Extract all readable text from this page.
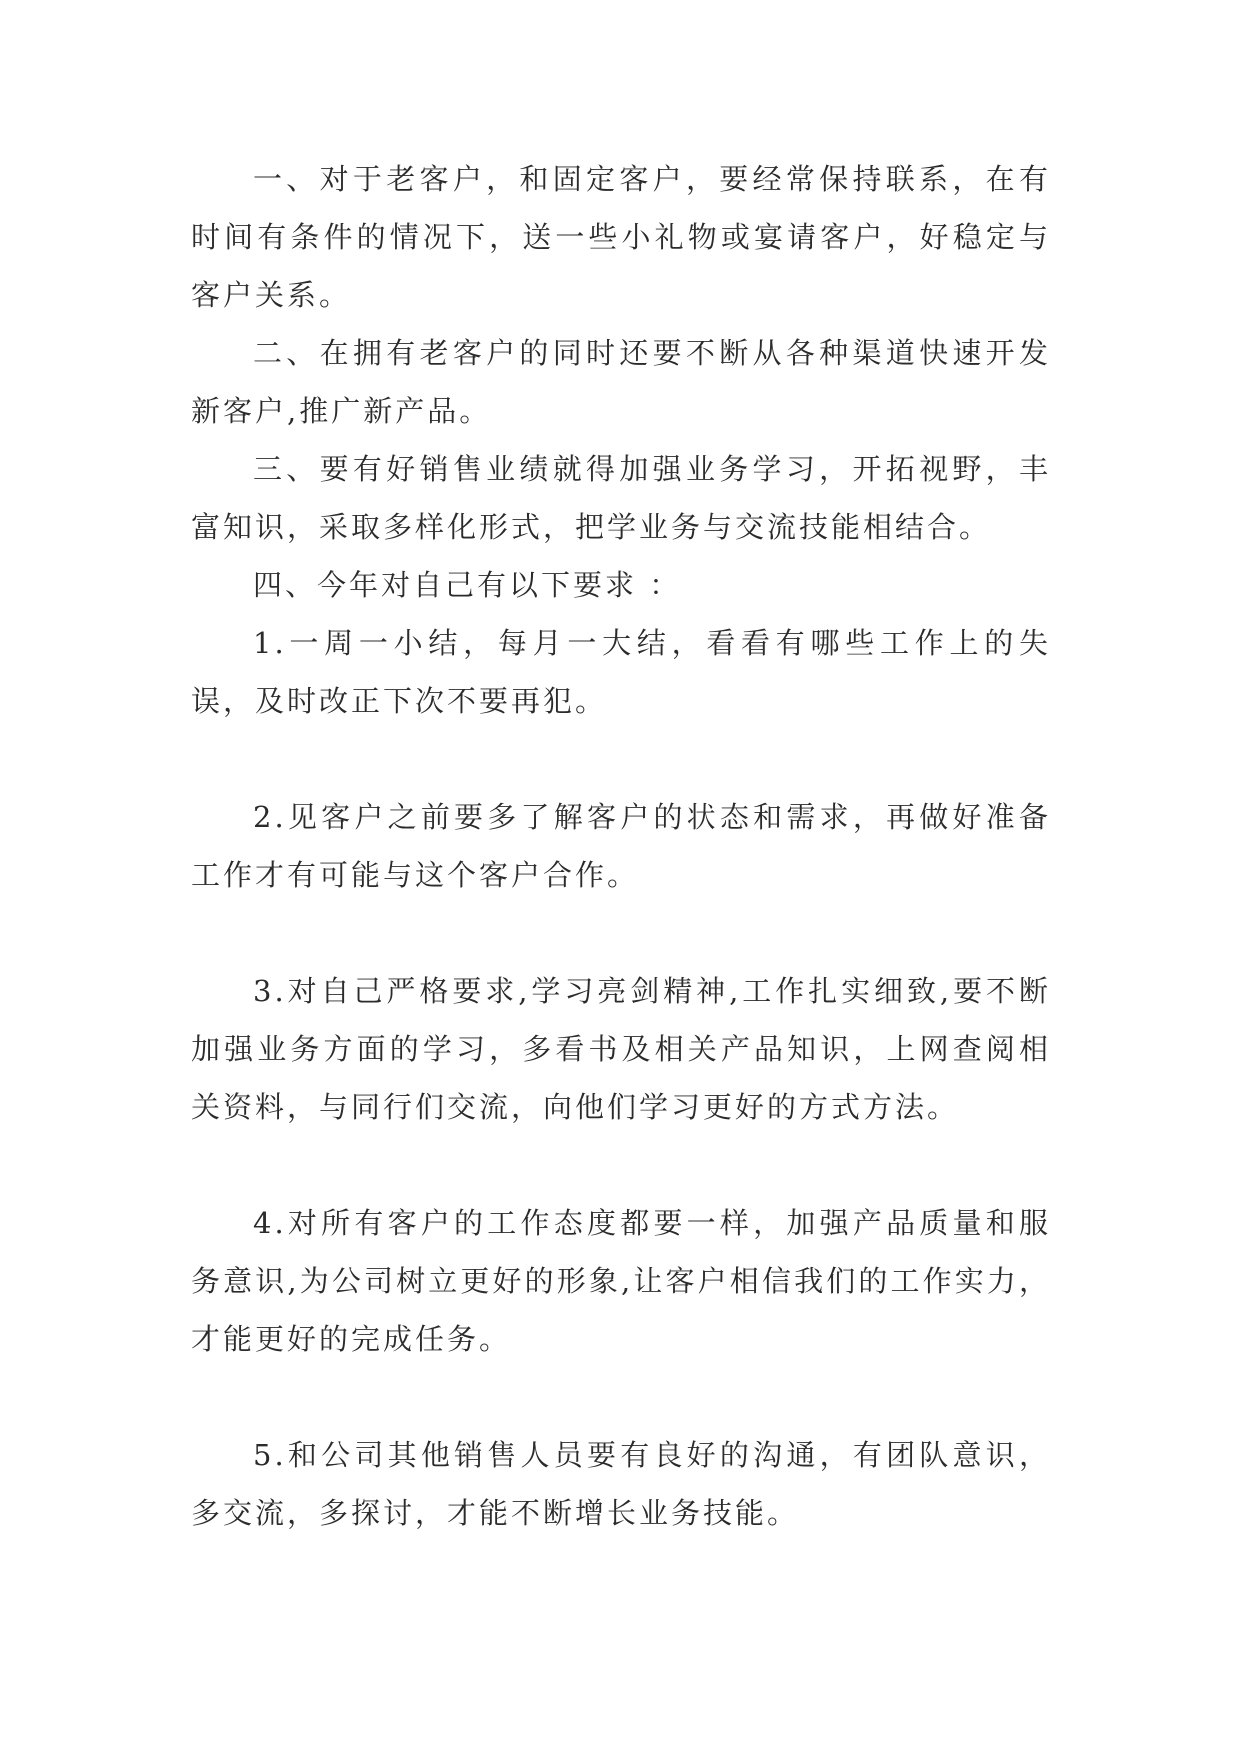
一、对于老客户，和固定客户，要经常保持联系，在有时间有条件的情况下，送一些小礼物或宴请客户，好稳定与客户关系。

二、在拥有老客户的同时还要不断从各种渠道快速开发新客户,推广新产品。

三、要有好销售业绩就得加强业务学习，开拓视野，丰富知识，采取多样化形式，把学业务与交流技能相结合。

四、今年对自己有以下要求 ：

1.一周一小结，每月一大结，看看有哪些工作上的失误，及时改正下次不要再犯。

2.见客户之前要多了解客户的状态和需求，再做好准备工作才有可能与这个客户合作。

3.对自己严格要求,学习亮剑精神,工作扎实细致,要不断加强业务方面的学习，多看书及相关产品知识，上网查阅相关资料，与同行们交流，向他们学习更好的方式方法。

4.对所有客户的工作态度都要一样，加强产品质量和服务意识,为公司树立更好的形象,让客户相信我们的工作实力，才能更好的完成任务。

5.和公司其他销售人员要有良好的沟通，有团队意识，多交流，多探讨，才能不断增长业务技能。
